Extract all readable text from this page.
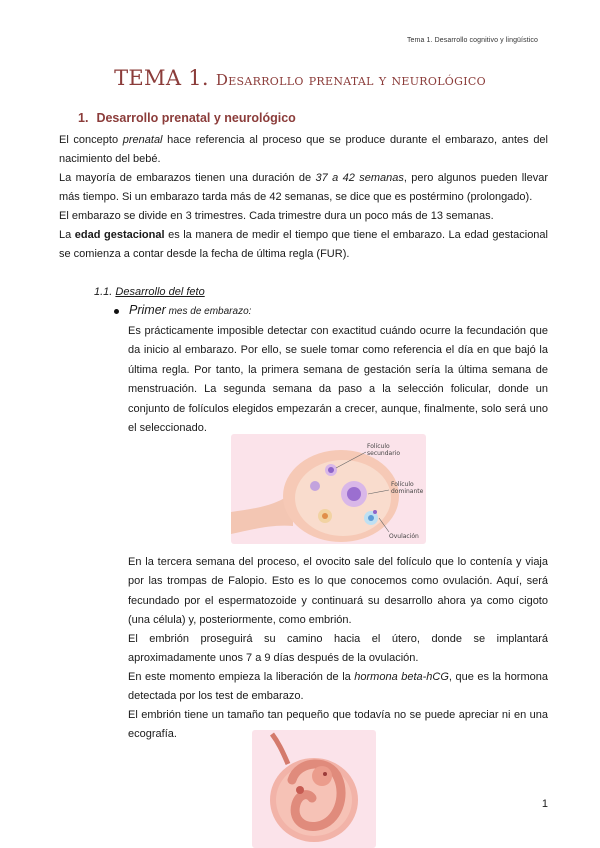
Tema 1. Desarrollo cognitivo y lingüístico
TEMA 1. Desarrollo prenatal y neurológico
1. Desarrollo prenatal y neurológico
El concepto prenatal hace referencia al proceso que se produce durante el embarazo, antes del nacimiento del bebé.
La mayoría de embarazos tienen una duración de 37 a 42 semanas, pero algunos pueden llevar más tiempo. Si un embarazo tarda más de 42 semanas, se dice que es postérmino (prolongado).
El embarazo se divide en 3 trimestres. Cada trimestre dura un poco más de 13 semanas.
La edad gestacional es la manera de medir el tiempo que tiene el embarazo. La edad gestacional se comienza a contar desde la fecha de última regla (FUR).
1.1. Desarrollo del feto
Primer mes de embarazo:
Es prácticamente imposible detectar con exactitud cuándo ocurre la fecundación que da inicio al embarazo. Por ello, se suele tomar como referencia el día en que bajó la última regla. Por tanto, la primera semana de gestación sería la última semana de menstruación. La segunda semana da paso a la selección folicular, donde un conjunto de folículos elegidos empezarán a crecer, aunque, finalmente, solo será uno el seleccionado.
Folículo
secundario
Folículo
dominante
Ovulación
En la tercera semana del proceso, el ovocito sale del folículo que lo contenía y viaja por las trompas de Falopio. Esto es lo que conocemos como ovulación. Aquí, será fecundado por el espermatozoide y continuará su desarrollo ahora ya como cigoto (una célula) y, posteriormente, como embrión.
El embrión proseguirá su camino hacia el útero, donde se implantará aproximadamente unos 7 a 9 días después de la ovulación.
En este momento empieza la liberación de la hormona beta-hCG, que es la hormona detectada por los test de embarazo.
El embrión tiene un tamaño tan pequeño que todavía no se puede apreciar ni en una ecografía.
1
